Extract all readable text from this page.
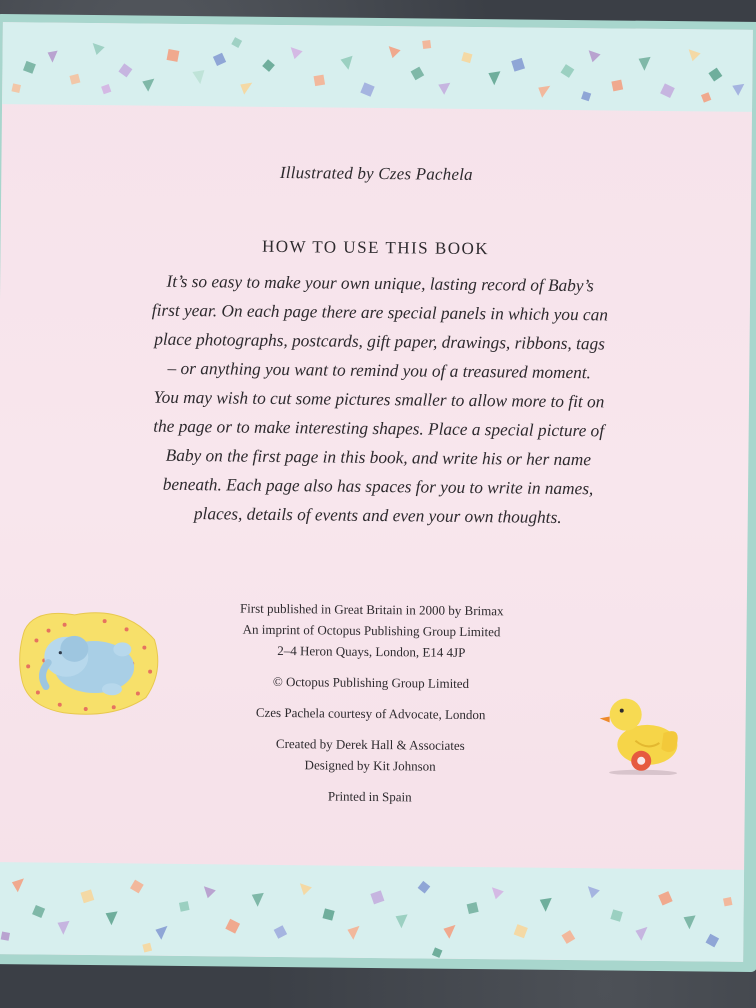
Illustrated by Czes Pachela
HOW TO USE THIS BOOK
It’s so easy to make your own unique, lasting record of Baby’s
first year. On each page there are special panels in which you can
place photographs, postcards, gift paper, drawings, ribbons, tags
– or anything you want to remind you of a treasured moment.
You may wish to cut some pictures smaller to allow more to fit on
the page or to make interesting shapes. Place a special picture of
Baby on the first page in this book, and write his or her name
beneath. Each page also has spaces for you to write in names,
places, details of events and even your own thoughts.
First published in Great Britain in 2000 by Brimax
An imprint of Octopus Publishing Group Limited
2–4 Heron Quays, London, E14 4JP
© Octopus Publishing Group Limited
Czes Pachela courtesy of Advocate, London
Created by Derek Hall & Associates
Designed by Kit Johnson
Printed in Spain
